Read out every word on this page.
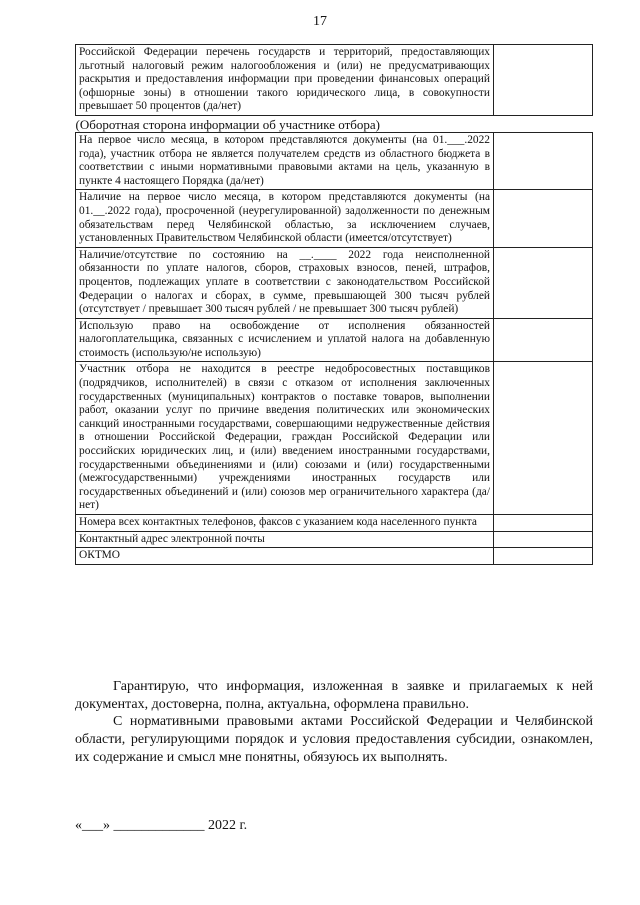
17
Российской Федерации перечень государств и территорий, предоставляющих льготный налоговый режим налогообложения и (или) не предусматривающих раскрытия и предоставления информации при проведении финансовых операций (офшорные зоны) в отношении такого юридического лица, в совокупности превышает 50 процентов (да/нет)	
(Оборотная сторона информации об участнике отбора)	
На первое число месяца, в котором представляются документы (на 01.___.2022 года), участник отбора не является получателем средств из областного бюджета в соответствии с иными нормативными правовыми актами на цель, указанную в пункте 4 настоящего Порядка (да/нет)	
Наличие на первое число месяца, в котором представляются документы (на 01.__.2022 года), просроченной (неурегулированной) задолженности по денежным обязательствам перед Челябинской областью, за исключением случаев, установленных Правительством Челябинской области (имеется/отсутствует)	
Наличие/отсутствие по состоянию на __.____ 2022 года неисполненной обязанности по уплате налогов, сборов, страховых взносов, пеней, штрафов, процентов, подлежащих уплате в соответствии с законодательством Российской Федерации о налогах и сборах, в сумме, превышающей 300 тысяч рублей (отсутствует / превышает 300 тысяч рублей / не превышает 300 тысяч рублей)	
Использую право на освобождение от исполнения обязанностей налогоплательщика, связанных с исчислением и уплатой налога на добавленную стоимость (использую/не использую)	
Участник отбора не находится в реестре недобросовестных поставщиков (подрядчиков, исполнителей) в связи с отказом от исполнения заключенных государственных (муниципальных) контрактов о поставке товаров, выполнении работ, оказании услуг по причине введения политических или экономических санкций иностранными государствами, совершающими недружественные действия в отношении Российской Федерации, граждан Российской Федерации или российских юридических лиц, и (или) введением иностранными государствами, государственными объединениями и (или) союзами и (или) государственными (межгосударственными) учреждениями иностранных государств или государственных объединений и (или) союзов мер ограничительного характера (да/нет)	
Номера всех контактных телефонов, факсов с указанием кода населенного пункта	
Контактный адрес электронной почты	
ОКТМО	

Гарантирую, что информация, изложенная в заявке и прилагаемых к ней документах, достоверна, полна, актуальна, оформлена правильно.

С нормативными правовыми актами Российской Федерации и Челябинской области, регулирующими порядок и условия предоставления субсидии, ознакомлен, их содержание и смысл мне понятны, обязуюсь их выполнять.

«___» _____________ 2022 г.
